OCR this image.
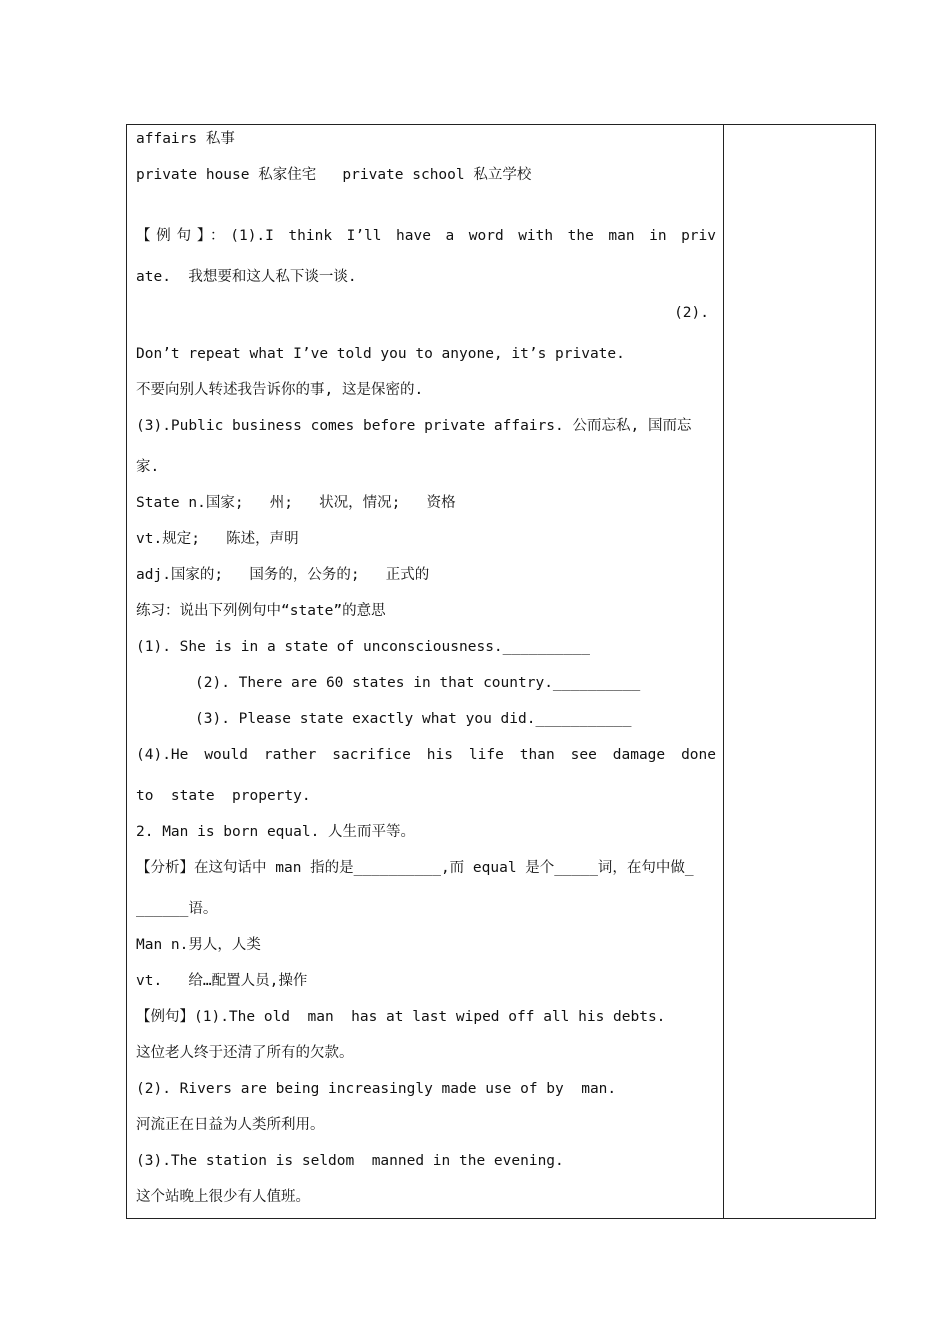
affairs 私事
private house 私家住宅   private school 私立学校
【例句】：(1).I think I’ll have a word with the man in priv
ate.  我想要和这人私下谈一谈.
(2).
Don’t repeat what I’ve told you to anyone, it’s private.
不要向别人转述我告诉你的事, 这是保密的.
(3).Public business comes before private affairs. 公而忘私, 国而忘
家.
State n.国家;   州;   状况，情况;   资格
vt.规定;   陈述，声明
adj.国家的;   国务的，公务的;   正式的
练习：说出下列例句中“state”的意思
(1). She is in a state of unconsciousness.__________
(2). There are 60 states in that country.__________
(3). Please state exactly what you did.___________
(4).He would rather sacrifice his life than see damage done
to  state  property.
2. Man is born equal. 人生而平等。
【分析】在这句话中 man 指的是__________,而 equal 是个_____词，在句中做_
______语。
Man n.男人，人类
vt.   给…配置人员,操作
【例句】(1).The old  man  has at last wiped off all his debts.
这位老人终于还清了所有的欠款。
(2). Rivers are being increasingly made use of by  man.
河流正在日益为人类所利用。
(3).The station is seldom  manned in the evening.
这个站晚上很少有人值班。
